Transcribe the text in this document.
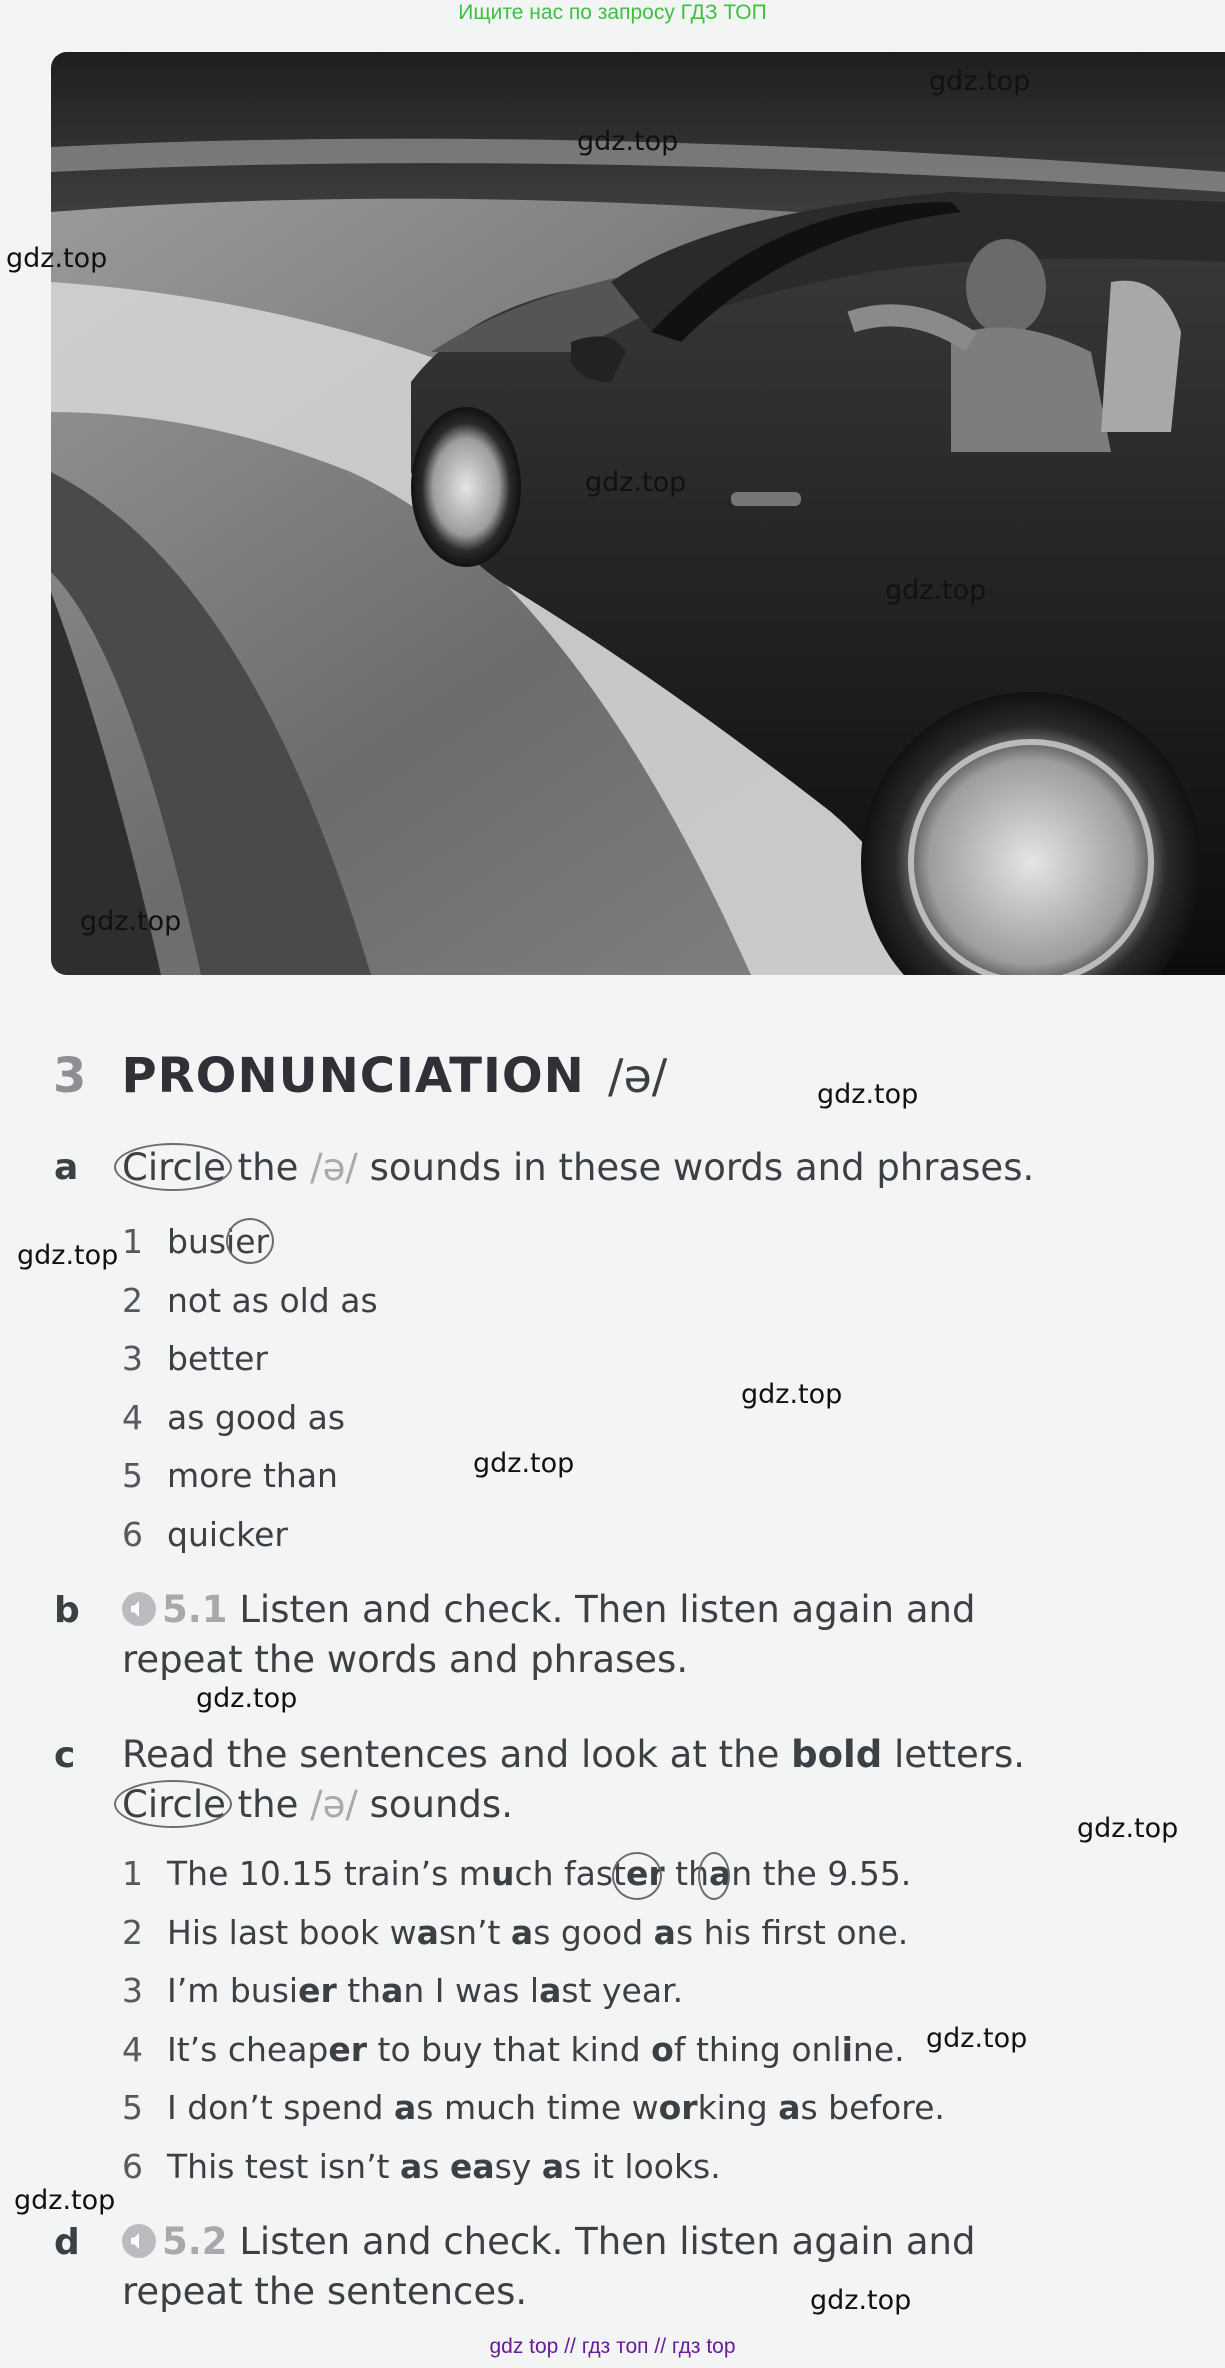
Ищите нас по запросу ГДЗ ТОП
gdz.top
gdz.top
gdz.top
gdz.top
gdz.top
gdz.top
gdz.top
gdz.top
gdz.top
gdz.top
gdz.top
gdz.top
gdz.top
gdz.top
gdz.top
3 PRONUNCIATION /ə/
a Circle the /ə/ sounds in these words and phrases.
1 busier
2 not as old as
3 better
4 as good as
5 more than
6 quicker
b	5.1 Listen and check. Then listen again and
repeat the words and phrases.
c Read the sentences and look at the bold letters.

Circle the /ə/ sounds.
1 The 10.15 train’s much faster than the 9.55.
2 His last book wasn’t as good as his first one.
3 I’m busier than I was last year.
4 It’s cheaper to buy that kind of thing online.
5 I don’t spend as much time working as before.
6 This test isn’t as easy as it looks.
d	5.2 Listen and check. Then listen again and
repeat the sentences.
gdz top // гдз топ // гдз top
